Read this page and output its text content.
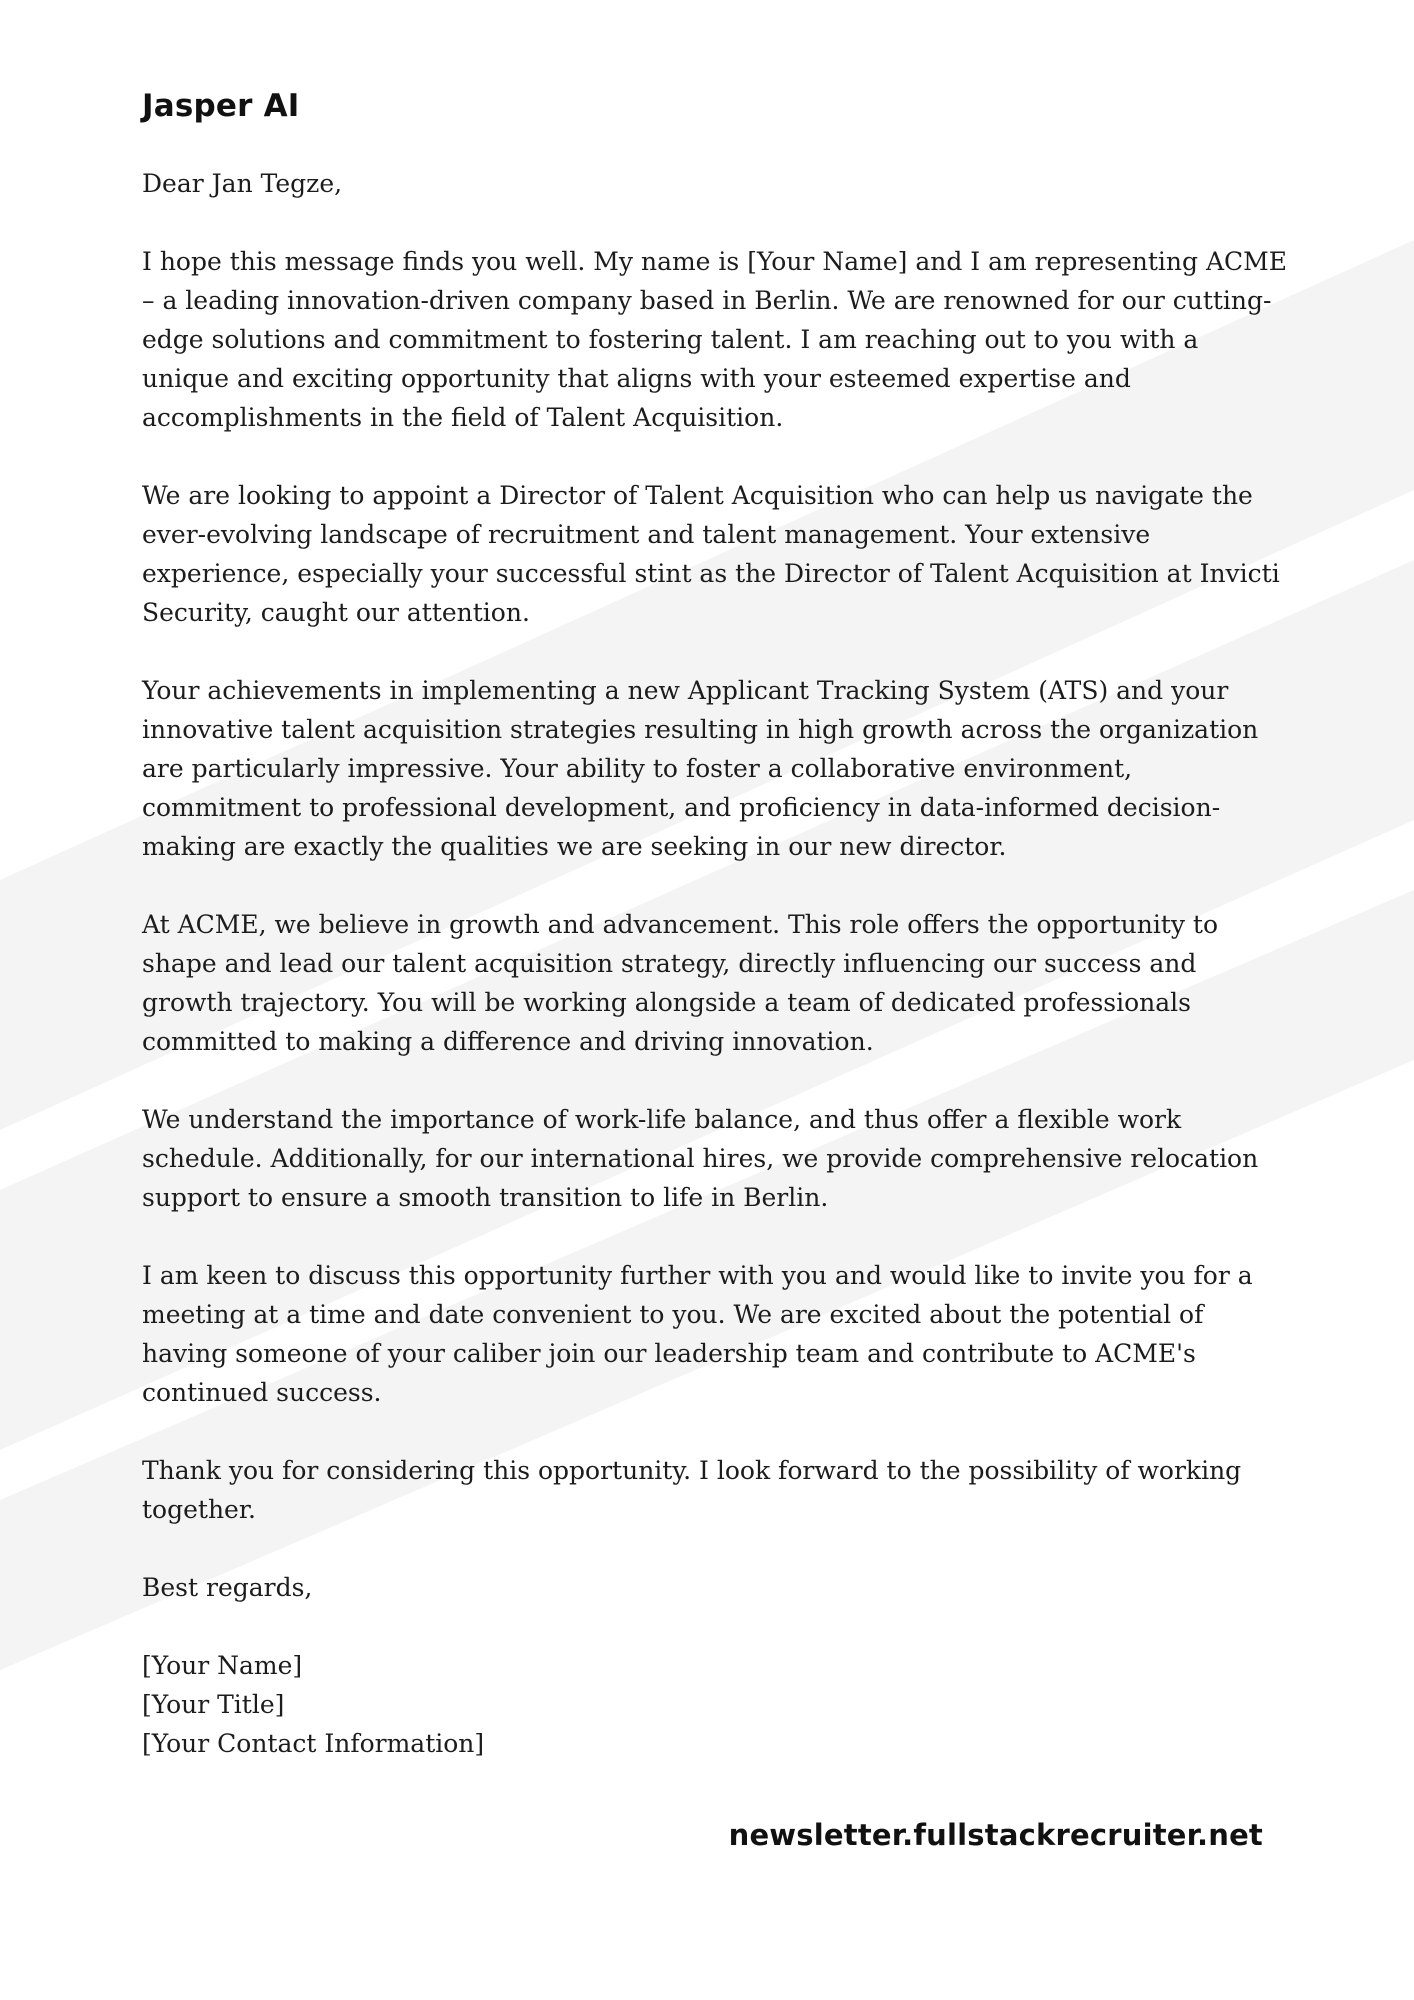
Jasper AI

Dear Jan Tegze,

I hope this message finds you well. My name is [Your Name] and I am representing ACME – a leading innovation-driven company based in Berlin. We are renowned for our cutting-edge solutions and commitment to fostering talent. I am reaching out to you with a unique and exciting opportunity that aligns with your esteemed expertise and accomplishments in the field of Talent Acquisition.

We are looking to appoint a Director of Talent Acquisition who can help us navigate the ever-evolving landscape of recruitment and talent management. Your extensive experience, especially your successful stint as the Director of Talent Acquisition at Invicti Security, caught our attention.

Your achievements in implementing a new Applicant Tracking System (ATS) and your innovative talent acquisition strategies resulting in high growth across the organization are particularly impressive. Your ability to foster a collaborative environment, commitment to professional development, and proficiency in data-informed decision-making are exactly the qualities we are seeking in our new director.

At ACME, we believe in growth and advancement. This role offers the opportunity to shape and lead our talent acquisition strategy, directly influencing our success and growth trajectory. You will be working alongside a team of dedicated professionals committed to making a difference and driving innovation.

We understand the importance of work-life balance, and thus offer a flexible work schedule. Additionally, for our international hires, we provide comprehensive relocation support to ensure a smooth transition to life in Berlin.

I am keen to discuss this opportunity further with you and would like to invite you for a meeting at a time and date convenient to you. We are excited about the potential of having someone of your caliber join our leadership team and contribute to ACME's continued success.

Thank you for considering this opportunity. I look forward to the possibility of working together.

Best regards,

[Your Name]

[Your Title]

[Your Contact Information]

newsletter.fullstackrecruiter.net
